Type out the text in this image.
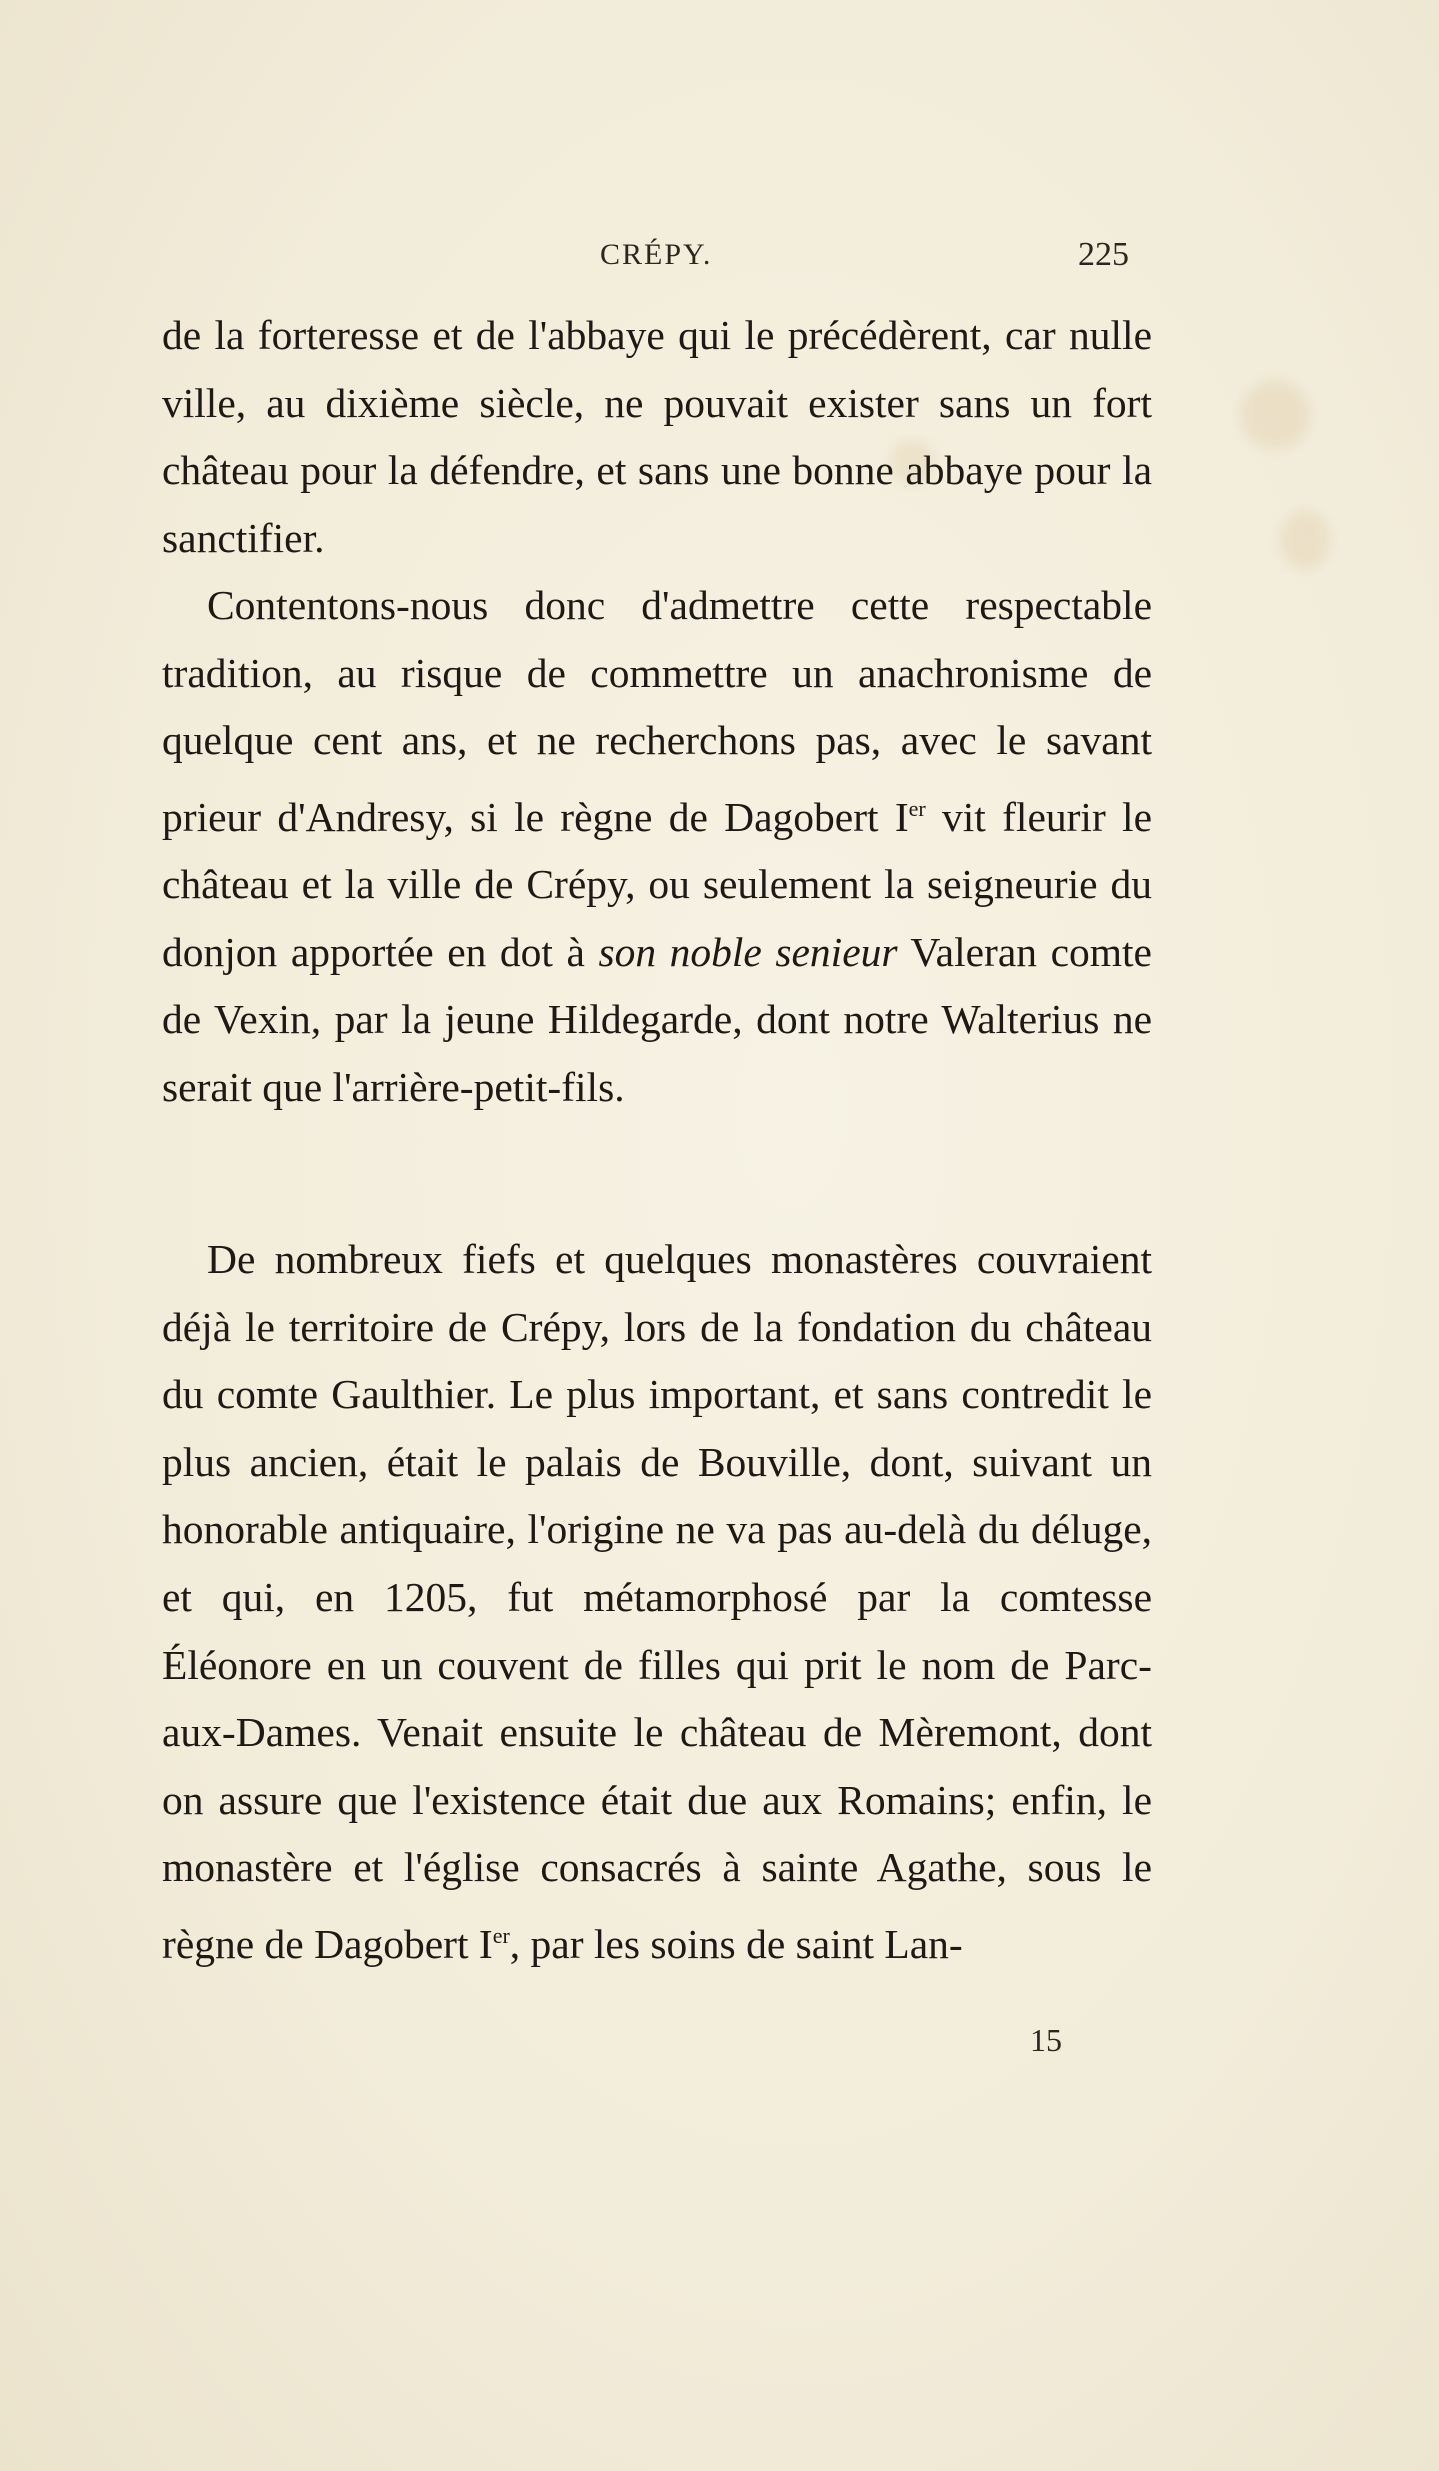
CRÉPY.	225
de la forteresse et de l'abbaye qui le précédèrent, car nulle ville, au dixième siècle, ne pouvait exister sans un fort château pour la défendre, et sans une bonne abbaye pour la sanctifier.
Contentons-nous donc d'admettre cette respectable tradition, au risque de commettre un anachronisme de quelque cent ans, et ne recherchons pas, avec le savant prieur d'Andresy, si le règne de Dagobert Ier vit fleurir le château et la ville de Crépy, ou seulement la seigneurie du donjon apportée en dot à son noble senieur Valeran comte de Vexin, par la jeune Hildegarde, dont notre Walterius ne serait que l'arrière-petit-fils.
De nombreux fiefs et quelques monastères couvraient déjà le territoire de Crépy, lors de la fondation du château du comte Gaulthier. Le plus important, et sans contredit le plus ancien, était le palais de Bouville, dont, suivant un honorable antiquaire, l'origine ne va pas au-delà du déluge, et qui, en 1205, fut métamorphosé par la comtesse Éléonore en un couvent de filles qui prit le nom de Parc-aux-Dames. Venait ensuite le château de Mèremont, dont on assure que l'existence était due aux Romains; enfin, le monastère et l'église consacrés à sainte Agathe, sous le règne de Dagobert Ier, par les soins de saint Lan-
15
